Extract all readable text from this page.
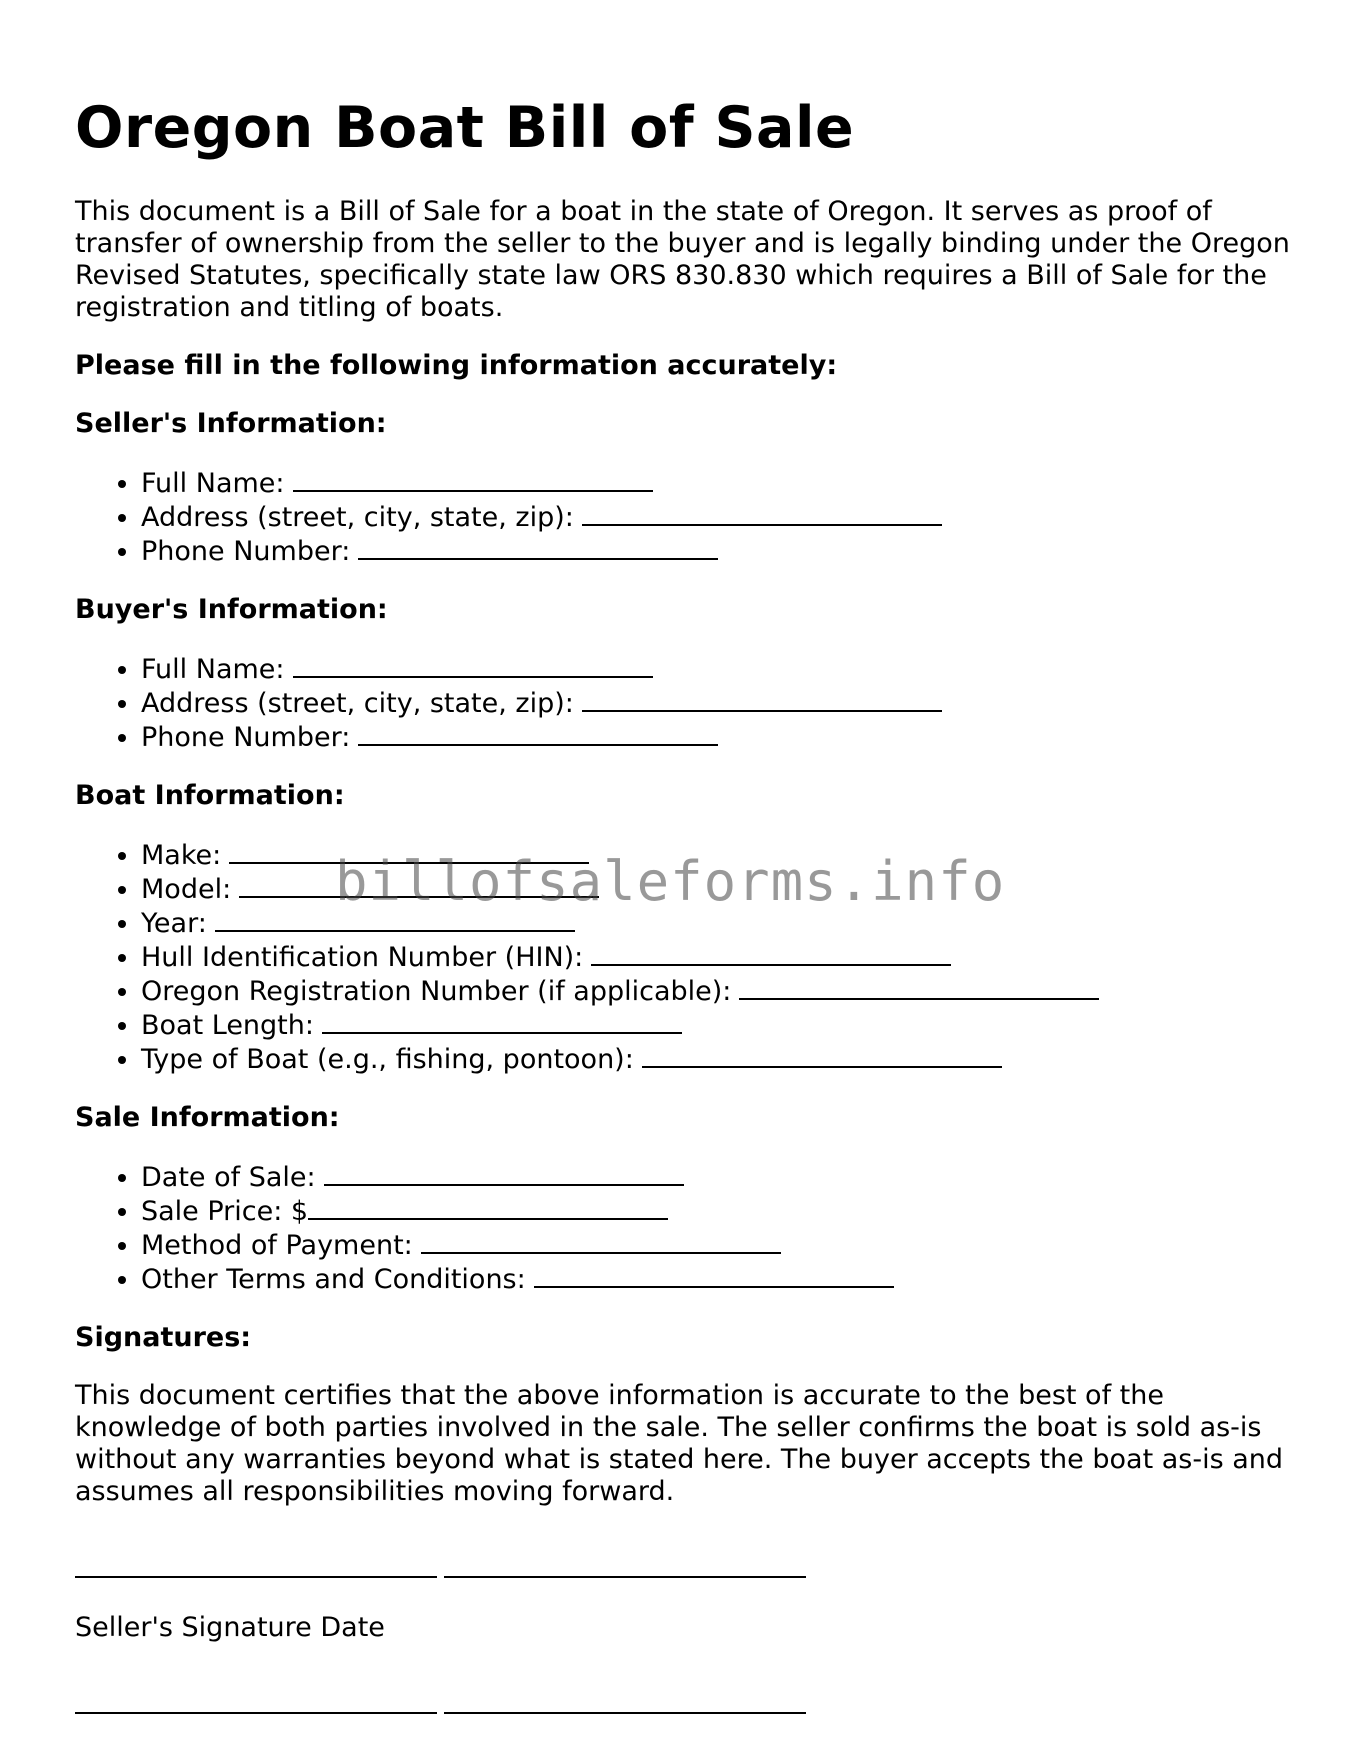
Oregon Boat Bill of Sale

This document is a Bill of Sale for a boat in the state of Oregon. It serves as proof of transfer of ownership from the seller to the buyer and is legally binding under the Oregon Revised Statutes, specifically state law ORS 830.830 which requires a Bill of Sale for the registration and titling of boats.

Please fill in the following information accurately:

Seller's Information:
• Full Name:
• Address (street, city, state, zip):
• Phone Number:
Buyer's Information:
• Full Name:
• Address (street, city, state, zip):
• Phone Number:
Boat Information:
• Make:
• Model:
• Year:
• Hull Identification Number (HIN):
• Oregon Registration Number (if applicable):
• Boat Length:
• Type of Boat (e.g., fishing, pontoon):
Sale Information:
• Date of Sale:
• Sale Price: $
• Method of Payment:
• Other Terms and Conditions:
Signatures:

This document certifies that the above information is accurate to the best of the knowledge of both parties involved in the sale. The seller confirms the boat is sold as-is without any warranties beyond what is stated here. The buyer accepts the boat as-is and assumes all responsibilities moving forward.

Seller's Signature Date

billofsaleforms.info
